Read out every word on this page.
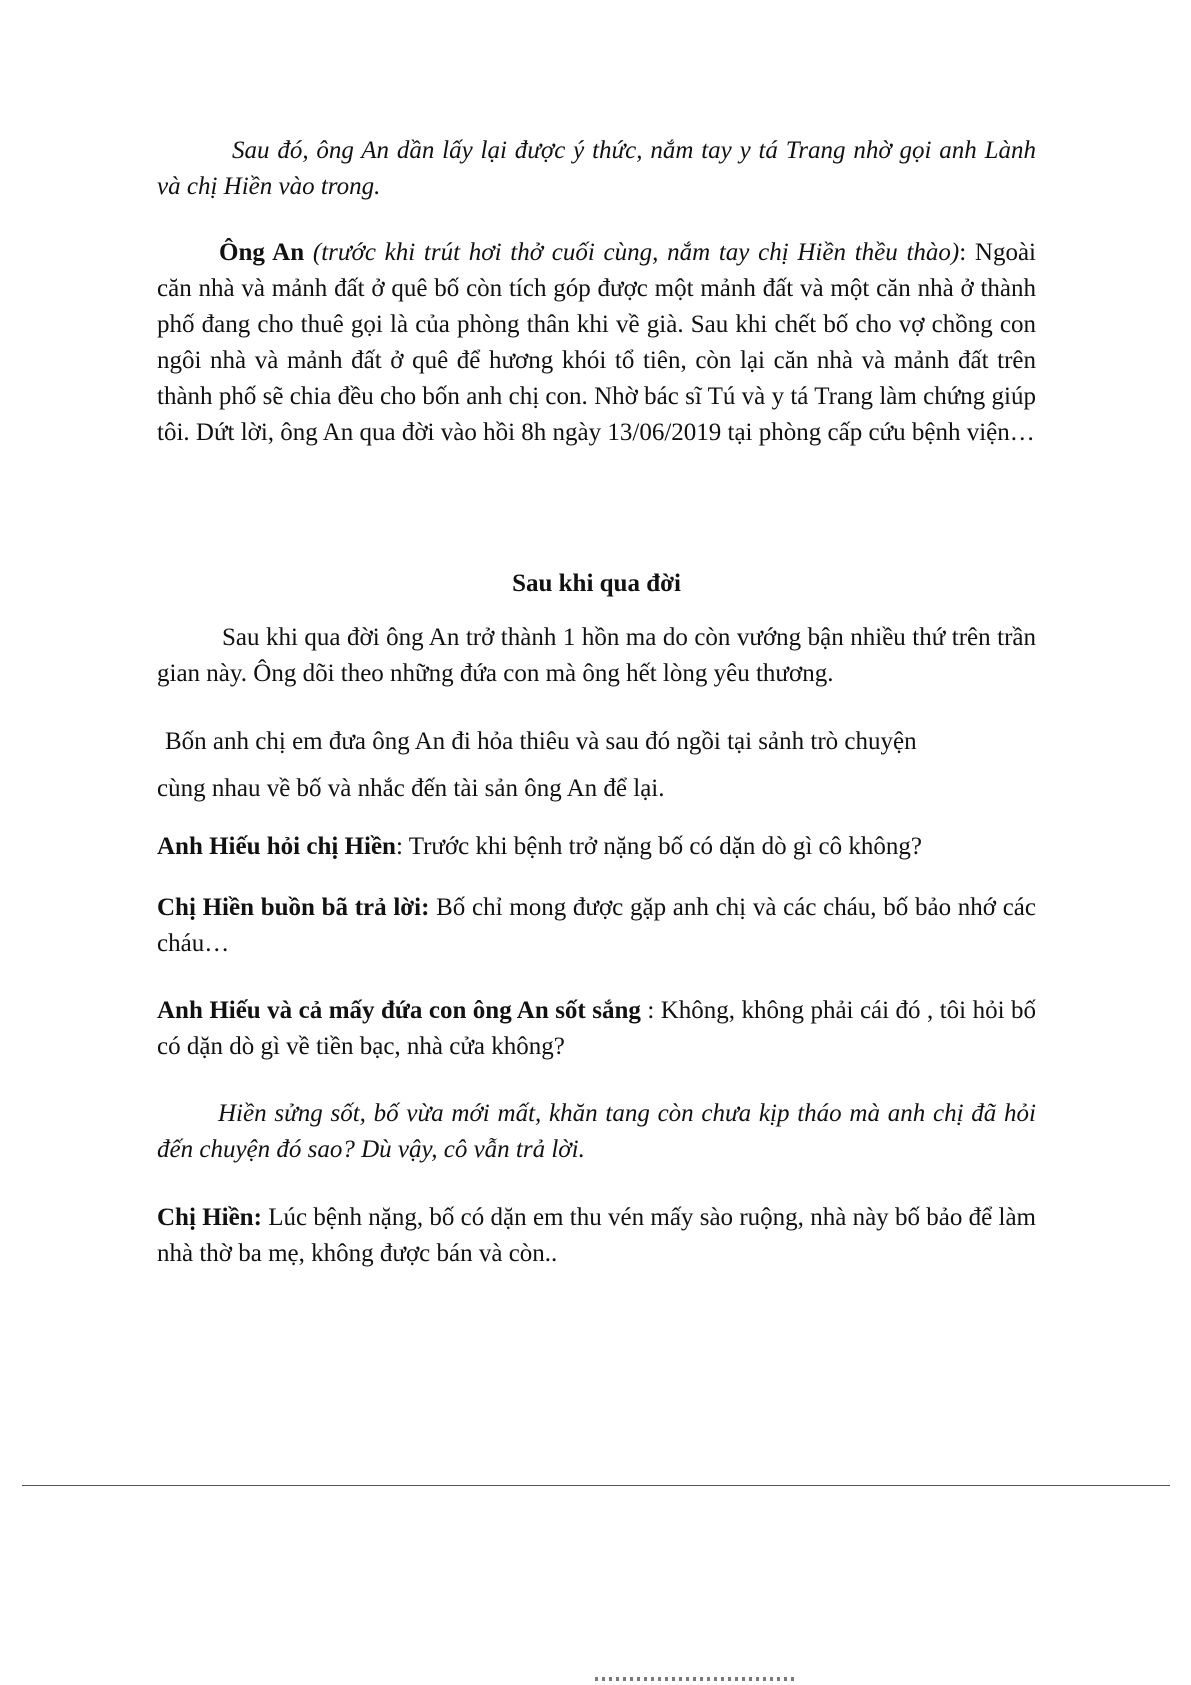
Sau đó, ông An dần lấy lại được ý thức, nắm tay y tá Trang nhờ gọi anh Lành và chị Hiền vào trong.

Ông An (trước khi trút hơi thở cuối cùng, nắm tay chị Hiền thều thào): Ngoài căn nhà và mảnh đất ở quê bố còn tích góp được một mảnh đất và một căn nhà ở thành phố đang cho thuê gọi là của phòng thân khi về già. Sau khi chết bố cho vợ chồng con ngôi nhà và mảnh đất ở quê để hương khói tổ tiên, còn lại căn nhà và mảnh đất trên thành phố sẽ chia đều cho bốn anh chị con. Nhờ bác sĩ Tú và y tá Trang làm chứng giúp tôi. Dứt lời, ông An qua đời vào hồi 8h ngày 13/06/2019 tại phòng cấp cứu bệnh viện…

Sau khi qua đời

Sau khi qua đời ông An trở thành 1 hồn ma do còn vướng bận nhiều thứ trên trần gian này. Ông dõi theo những đứa con mà ông hết lòng yêu thương.

Bốn anh chị em đưa ông An đi hỏa thiêu và sau đó ngồi tại sảnh trò chuyện

cùng nhau về bố và nhắc đến tài sản ông An để lại.

Anh Hiếu hỏi chị Hiền: Trước khi bệnh trở nặng bố có dặn dò gì cô không?

Chị Hiền buồn bã trả lời: Bố chỉ mong được gặp anh chị và các cháu, bố bảo nhớ các cháu…

Anh Hiếu và cả mấy đứa con ông An sốt sắng : Không, không phải cái đó , tôi hỏi bố có dặn dò gì về tiền bạc, nhà cửa không?

Hiền sửng sốt, bố vừa mới mất, khăn tang còn chưa kịp tháo mà anh chị đã hỏi đến chuyện đó sao? Dù vậy, cô vẫn trả lời.

Chị Hiền: Lúc bệnh nặng, bố có dặn em thu vén mấy sào ruộng, nhà này bố bảo để làm nhà thờ ba mẹ, không được bán và còn..
